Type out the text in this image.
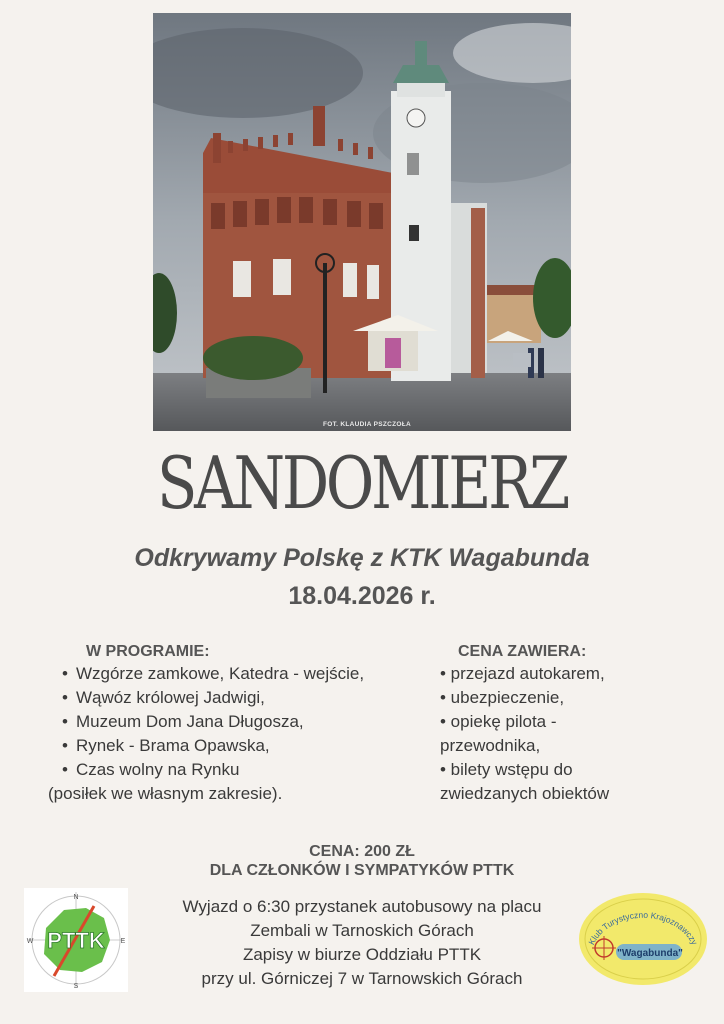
FOT. KLAUDIA PSZCZOŁA
SANDOMIERZ
Odkrywamy Polskę z KTK Wagabunda
18.04.2026 r.
W PROGRAMIE:
• Wzgórze zamkowe, Katedra - wejście,
• Wąwóz królowej Jadwigi,
• Muzeum Dom Jana Długosza,
• Rynek - Brama Opawska,
• Czas wolny na Rynku
(posiłek we własnym zakresie).
CENA ZAWIERA:

• przejazd autokarem,

• ubezpieczenie,

• opiekę pilota -

przewodnika,

• bilety wstępu do

zwiedzanych obiektów

CENA: 200 ZŁ
DLA CZŁONKÓW I SYMPATYKÓW PTTK
Wyjazd o 6:30 przystanek autobusowy na placu
Zembali w Tarnoskich Górach
Zapisy w biurze Oddziału PTTK
przy ul. Górniczej 7 w Tarnowskich Górach
PTTK
N
E
S
W	Klub Turystyczno Krajoznawczy
"Wagabunda"
